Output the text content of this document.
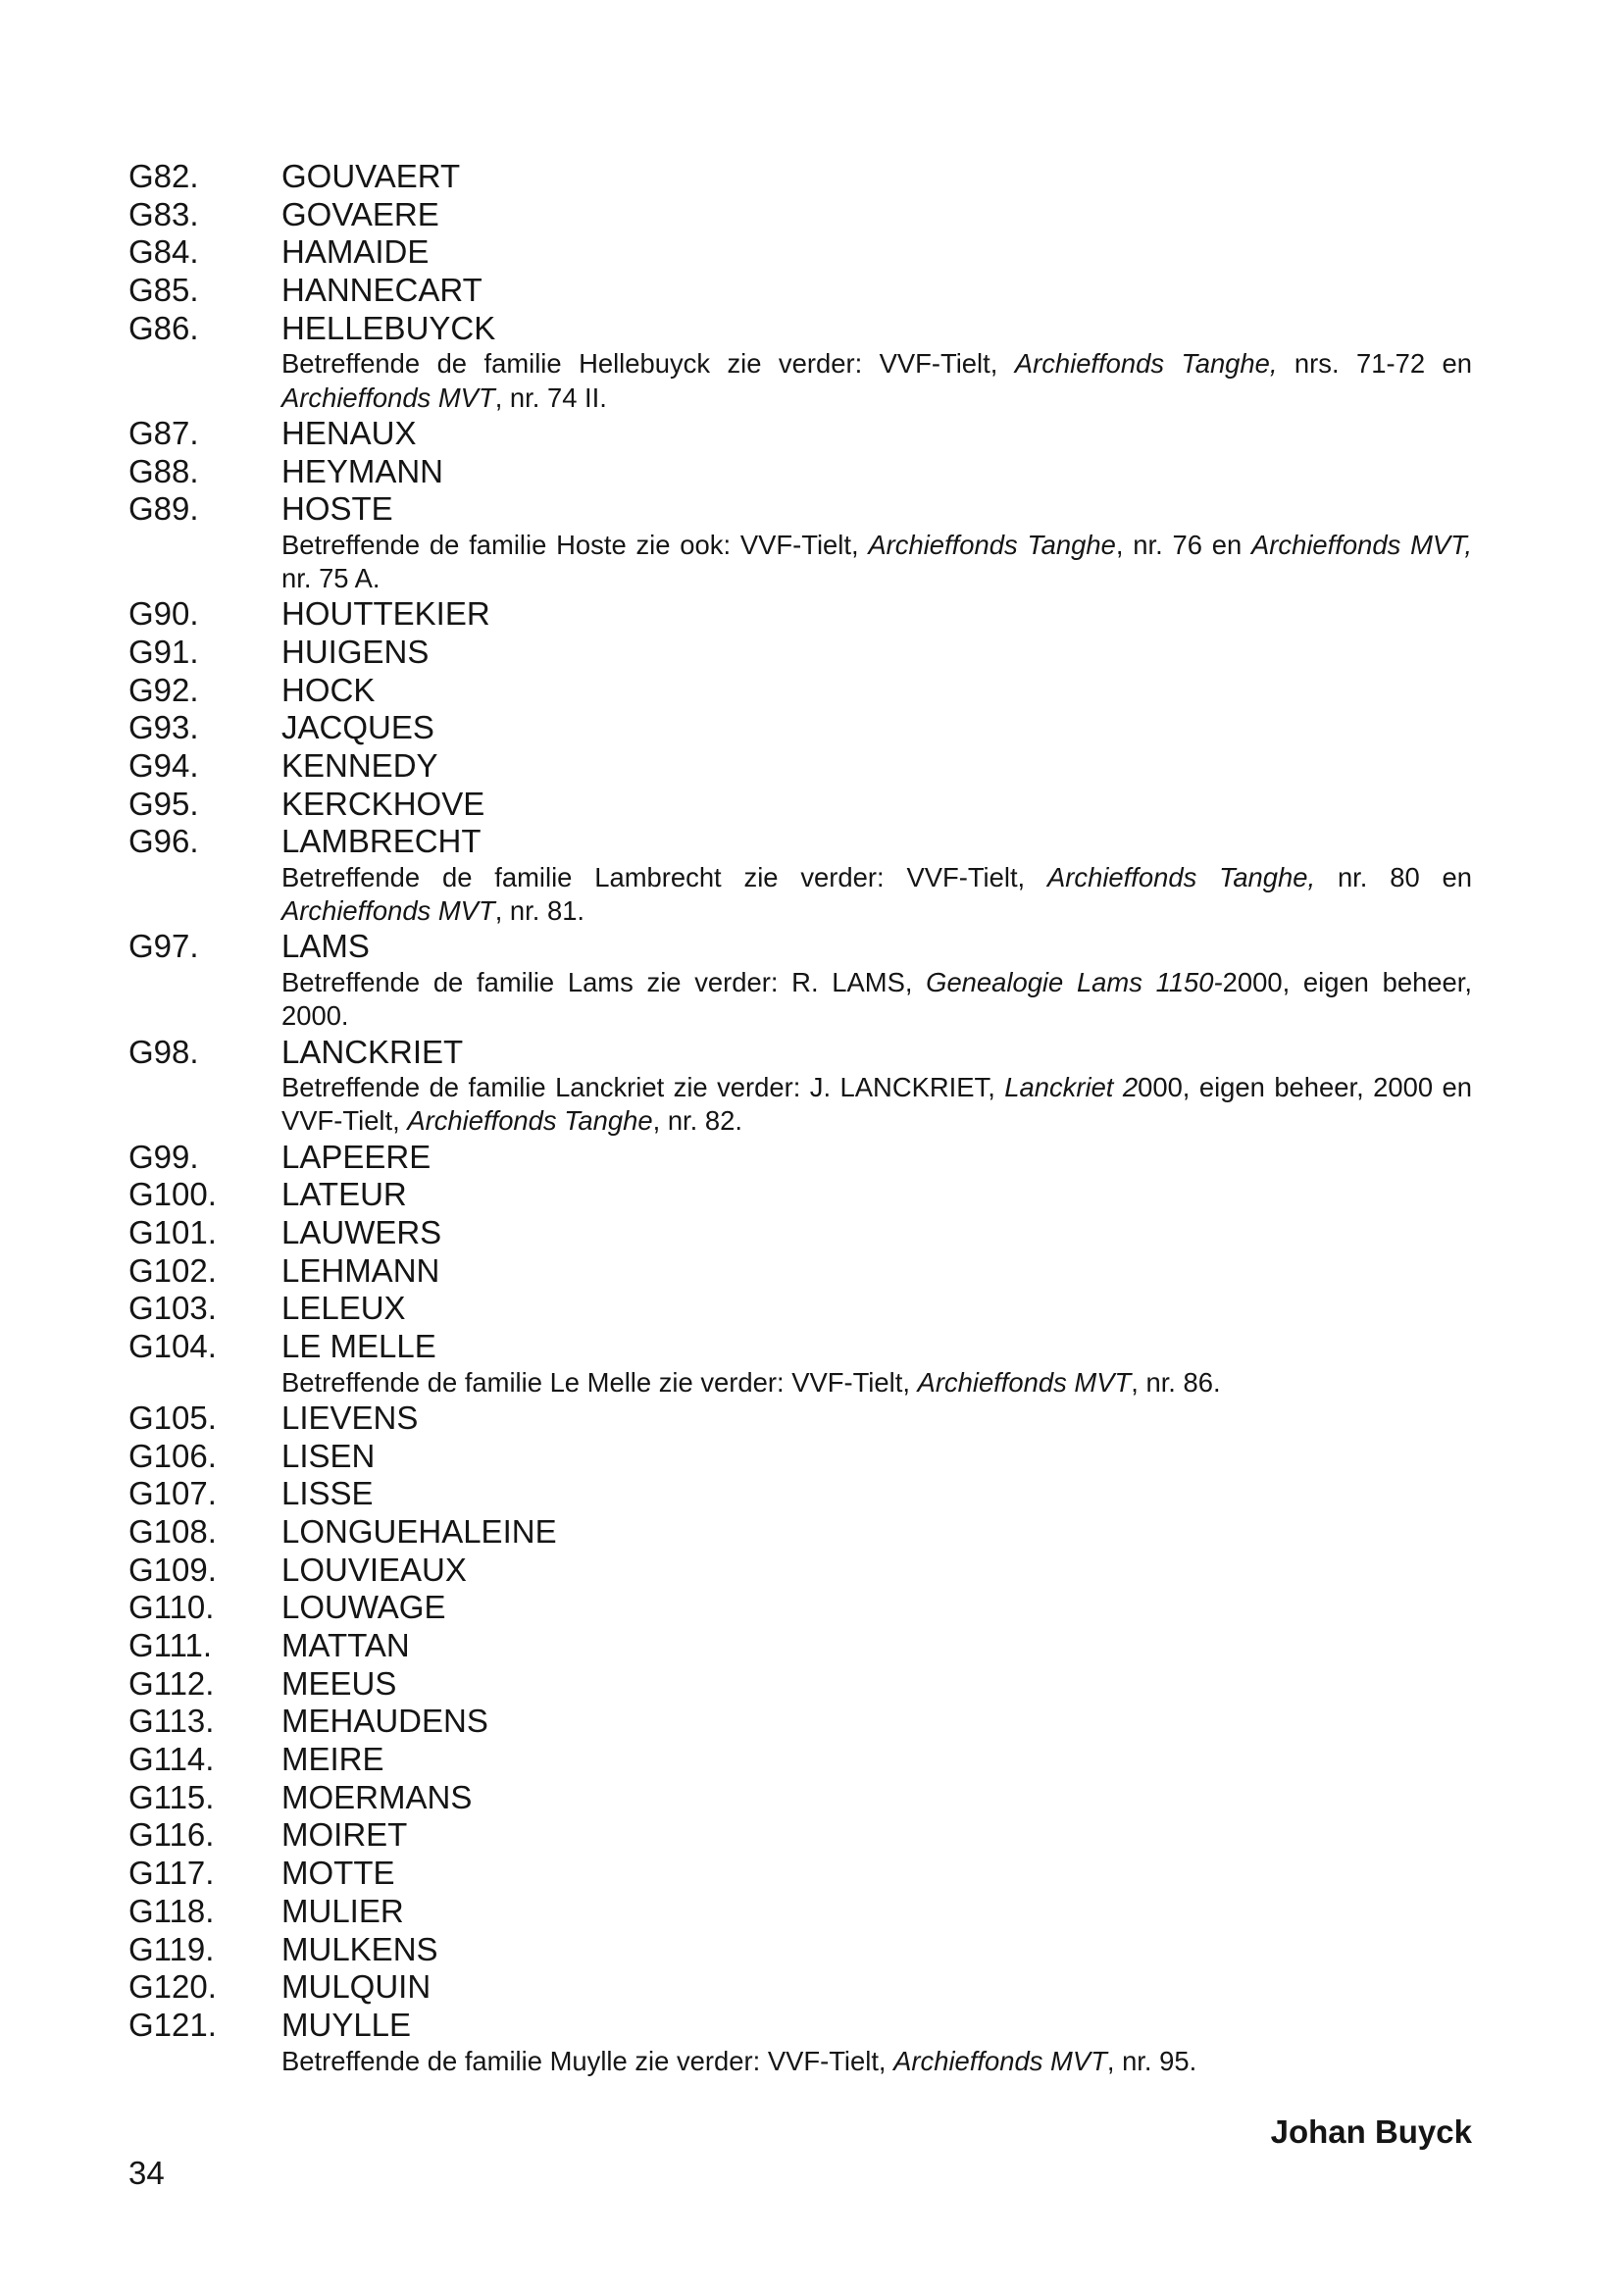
G82.	GOUVAERT
G83.	GOVAERE
G84.	HAMAIDE
G85.	HANNECART
G86.	HELLEBUYCK
Betreffende de familie Hellebuyck zie verder: VVF-Tielt, Archieffonds Tanghe, nrs. 71-72 en
Archieffonds MVT, nr. 74 II.
G87.	HENAUX
G88.	HEYMANN
G89.	HOSTE
Betreffende de familie Hoste zie ook: VVF-Tielt, Archieffonds Tanghe, nr. 76 en Archieffonds MVT,
nr. 75 A.
G90.	HOUTTEKIER
G91.	HUIGENS
G92.	HOCK
G93.	JACQUES
G94.	KENNEDY
G95.	KERCKHOVE
G96.	LAMBRECHT
Betreffende de familie Lambrecht zie verder: VVF-Tielt, Archieffonds Tanghe, nr. 80 en
Archieffonds MVT, nr. 81.
G97.	LAMS
Betreffende de familie Lams zie verder: R. LAMS, Genealogie Lams 1150-2000, eigen beheer,
2000.
G98.	LANCKRIET
Betreffende de familie Lanckriet zie verder: J. LANCKRIET, Lanckriet 2000, eigen beheer, 2000 en
VVF-Tielt, Archieffonds Tanghe, nr. 82.
G99.	LAPEERE
G100.	LATEUR
G101.	LAUWERS
G102.	LEHMANN
G103.	LELEUX
G104.	LE MELLE
Betreffende de familie Le Melle zie verder: VVF-Tielt, Archieffonds MVT, nr. 86.
G105.	LIEVENS
G106.	LISEN
G107.	LISSE
G108.	LONGUEHALEINE
G109.	LOUVIEAUX
G110.	LOUWAGE
G111.	MATTAN
G112.	MEEUS
G113.	MEHAUDENS
G114.	MEIRE
G115.	MOERMANS
G116.	MOIRET
G117.	MOTTE
G118.	MULIER
G119.	MULKENS
G120.	MULQUIN
G121.	MUYLLE
Betreffende de familie Muylle zie verder: VVF-Tielt, Archieffonds MVT, nr. 95.
Johan Buyck
34
